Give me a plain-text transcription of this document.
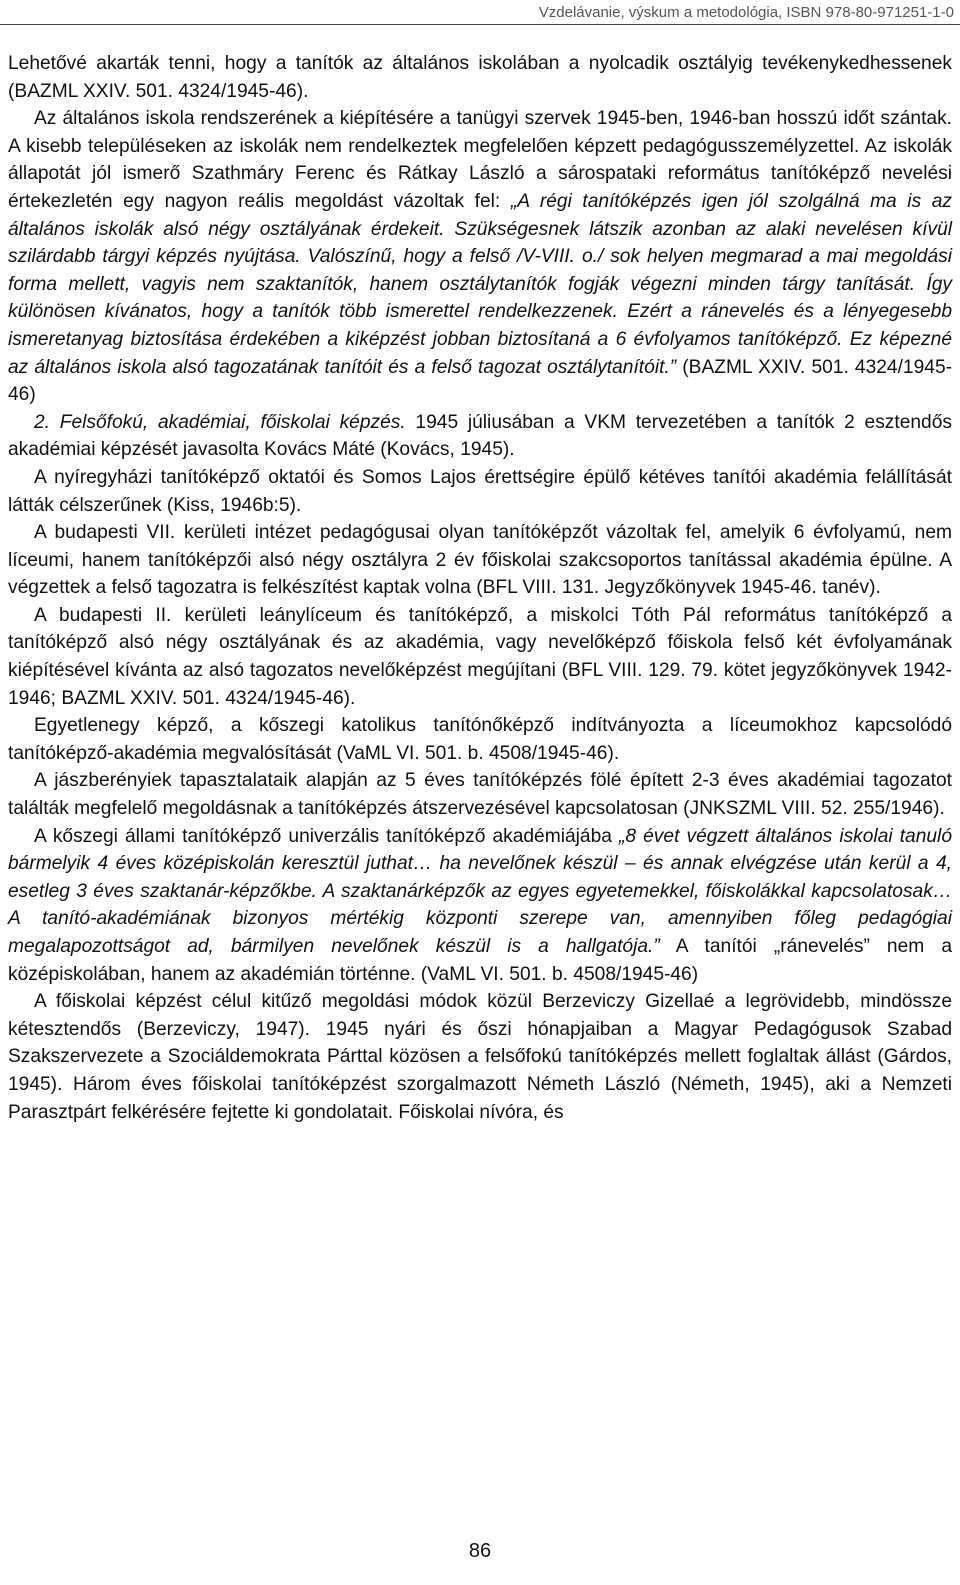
Vzdelávanie, výskum a metodológia, ISBN 978-80-971251-1-0

Lehetővé akarták tenni, hogy a tanítók az általános iskolában a nyolcadik osztályig tevékenykedhessenek (BAZML XXIV. 501. 4324/1945-46).

Az általános iskola rendszerének a kiépítésére a tanügyi szervek 1945-ben, 1946-ban hosszú időt szántak. A kisebb településeken az iskolák nem rendelkeztek megfelelően képzett pedagógusszemélyzettel. Az iskolák állapotát jól ismerő Szathmáry Ferenc és Rátkay László a sárospataki református tanítóképző nevelési értekezletén egy nagyon reális megoldást vázoltak fel: „A régi tanítóképzés igen jól szolgálná ma is az általános iskolák alsó négy osztályának érdekeit. Szükségesnek látszik azonban az alaki nevelésen kívül szilárdabb tárgyi képzés nyújtása. Valószínű, hogy a felső /V-VIII. o./ sok helyen megmarad a mai megoldási forma mellett, vagyis nem szaktanítók, hanem osztálytanítók fogják végezni minden tárgy tanítását. Így különösen kívánatos, hogy a tanítók több ismerettel rendelkezzenek. Ezért a ránevelés és a lényegesebb ismeretanyag biztosítása érdekében a kiképzést jobban biztosítaná a 6 évfolyamos tanítóképző. Ez képezné az általános iskola alsó tagozatának tanítóit és a felső tagozat osztálytanítóit.” (BAZML XXIV. 501. 4324/1945-46)

2. Felsőfokú, akadémiai, főiskolai képzés. 1945 júliusában a VKM tervezetében a tanítók 2 esztendős akadémiai képzését javasolta Kovács Máté (Kovács, 1945).

A nyíregyházi tanítóképző oktatói és Somos Lajos érettségire épülő kétéves tanítói akadémia felállítását látták célszerűnek (Kiss, 1946b:5).

A budapesti VII. kerületi intézet pedagógusai olyan tanítóképzőt vázoltak fel, amelyik 6 évfolyamú, nem líceumi, hanem tanítóképzői alsó négy osztályra 2 év főiskolai szakcsoportos tanítással akadémia épülne. A végzettek a felső tagozatra is felkészítést kaptak volna (BFL VIII. 131. Jegyzőkönyvek 1945-46. tanév).

A budapesti II. kerületi leánylíceum és tanítóképző, a miskolci Tóth Pál református tanítóképző a tanítóképző alsó négy osztályának és az akadémia, vagy nevelőképző főiskola felső két évfolyamának kiépítésével kívánta az alsó tagozatos nevelőképzést megújítani (BFL VIII. 129. 79. kötet jegyzőkönyvek 1942-1946; BAZML XXIV. 501. 4324/1945-46).

Egyetlenegy képző, a kőszegi katolikus tanítónőképző indítványozta a líceumokhoz kapcsolódó tanítóképző-akadémia megvalósítását (VaML VI. 501. b. 4508/1945-46).

A jászberényiek tapasztalataik alapján az 5 éves tanítóképzés fölé épített 2-3 éves akadémiai tagozatot találták megfelelő megoldásnak a tanítóképzés átszervezésével kapcsolatosan (JNKSZML VIII. 52. 255/1946).

A kőszegi állami tanítóképző univerzális tanítóképző akadémiájába „8 évet végzett általános iskolai tanuló bármelyik 4 éves középiskolán keresztül juthat… ha nevelőnek készül – és annak elvégzése után kerül a 4, esetleg 3 éves szaktanár-képzőkbe. A szaktanárképzők az egyes egyetemekkel, főiskolákkal kapcsolatosak… A tanító-akadémiának bizonyos mértékig központi szerepe van, amennyiben főleg pedagógiai megalapozottságot ad, bármilyen nevelőnek készül is a hallgatója.” A tanítói „ránevelés” nem a középiskolában, hanem az akadémián történne. (VaML VI. 501. b. 4508/1945-46)

A főiskolai képzést célul kitűző megoldási módok közül Berzeviczy Gizellaé a legrövidebb, mindössze kétesztendős (Berzeviczy, 1947). 1945 nyári és őszi hónapjaiban a Magyar Pedagógusok Szabad Szakszervezete a Szociáldemokrata Párttal közösen a felsőfokú tanítóképzés mellett foglaltak állást (Gárdos, 1945). Három éves főiskolai tanítóképzést szorgalmazott Németh László (Németh, 1945), aki a Nemzeti Parasztpárt felkérésére fejtette ki gondolatait. Főiskolai nívóra, és

86
